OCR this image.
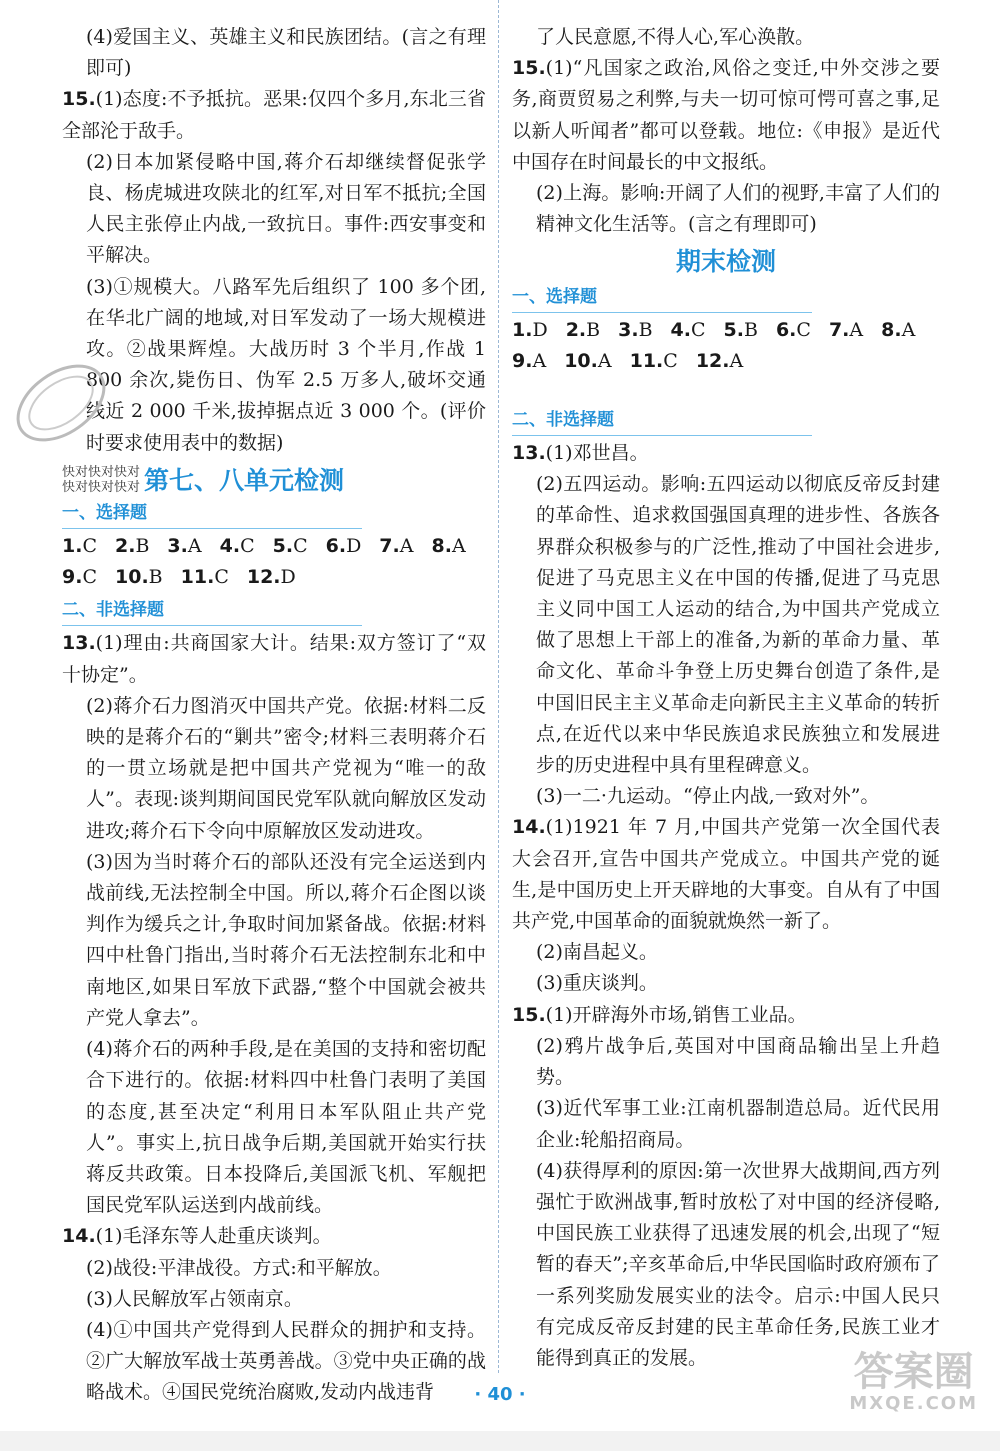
(4)爱国主义、英雄主义和民族团结。(言之有理即可)

15.(1)态度:不予抵抗。恶果:仅四个多月,东北三省全部沦于敌手。

(2)日本加紧侵略中国,蒋介石却继续督促张学良、杨虎城进攻陕北的红军,对日军不抵抗;全国人民主张停止内战,一致抗日。事件:西安事变和平解决。

(3)①规模大。八路军先后组织了 100 多个团,在华北广阔的地域,对日军发动了一场大规模进攻。②战果辉煌。大战历时 3 个半月,作战 1 800 余次,毙伤日、伪军 2.5 万多人,破坏交通线近 2 000 千米,拔掉据点近 3 000 个。(评价时要求使用表中的数据)

快对快对快对
快对快对快对 第七、八单元检测
一、选择题
1.C 2.B 3.A 4.C 5.C 6.D 7.A 8.A
9.C 10.B 11.C 12.D
二、非选择题

13.(1)理由:共商国家大计。结果:双方签订了“双十协定”。

(2)蒋介石力图消灭中国共产党。依据:材料二反映的是蒋介石的“剿共”密令;材料三表明蒋介石的一贯立场就是把中国共产党视为“唯一的敌人”。表现:谈判期间国民党军队就向解放区发动进攻;蒋介石下令向中原解放区发动进攻。

(3)因为当时蒋介石的部队还没有完全运送到内战前线,无法控制全中国。所以,蒋介石企图以谈判作为缓兵之计,争取时间加紧备战。依据:材料四中杜鲁门指出,当时蒋介石无法控制东北和中南地区,如果日军放下武器,“整个中国就会被共产党人拿去”。

(4)蒋介石的两种手段,是在美国的支持和密切配合下进行的。依据:材料四中杜鲁门表明了美国的态度,甚至决定“利用日本军队阻止共产党人”。事实上,抗日战争后期,美国就开始实行扶蒋反共政策。日本投降后,美国派飞机、军舰把国民党军队运送到内战前线。

14.(1)毛泽东等人赴重庆谈判。

(2)战役:平津战役。方式:和平解放。

(3)人民解放军占领南京。

(4)①中国共产党得到人民群众的拥护和支持。②广大解放军战士英勇善战。③党中央正确的战略战术。④国民党统治腐败,发动内战违背

了人民意愿,不得人心,军心涣散。

15.(1)“凡国家之政治,风俗之变迁,中外交涉之要务,商贾贸易之利弊,与夫一切可惊可愕可喜之事,足以新人听闻者”都可以登载。地位:《申报》是近代中国存在时间最长的中文报纸。

(2)上海。影响:开阔了人们的视野,丰富了人们的精神文化生活等。(言之有理即可)

期末检测
一、选择题
1.D 2.B 3.B 4.C 5.B 6.C 7.A 8.A
9.A 10.A 11.C 12.A
二、非选择题

13.(1)邓世昌。

(2)五四运动。影响:五四运动以彻底反帝反封建的革命性、追求救国强国真理的进步性、各族各界群众积极参与的广泛性,推动了中国社会进步,促进了马克思主义在中国的传播,促进了马克思主义同中国工人运动的结合,为中国共产党成立做了思想上干部上的准备,为新的革命力量、革命文化、革命斗争登上历史舞台创造了条件,是中国旧民主主义革命走向新民主主义革命的转折点,在近代以来中华民族追求民族独立和发展进步的历史进程中具有里程碑意义。

(3)一二·九运动。“停止内战,一致对外”。

14.(1)1921 年 7 月,中国共产党第一次全国代表大会召开,宣告中国共产党成立。中国共产党的诞生,是中国历史上开天辟地的大事变。自从有了中国共产党,中国革命的面貌就焕然一新了。

(2)南昌起义。

(3)重庆谈判。

15.(1)开辟海外市场,销售工业品。

(2)鸦片战争后,英国对中国商品输出呈上升趋势。

(3)近代军事工业:江南机器制造总局。近代民用企业:轮船招商局。

(4)获得厚利的原因:第一次世界大战期间,西方列强忙于欧洲战事,暂时放松了对中国的经济侵略,中国民族工业获得了迅速发展的机会,出现了“短暂的春天”;辛亥革命后,中华民国临时政府颁布了一系列奖励发展实业的法令。启示:中国人民只有完成反帝反封建的民主革命任务,民族工业才能得到真正的发展。

· 40 ·	答案圈
MXQE.COM
